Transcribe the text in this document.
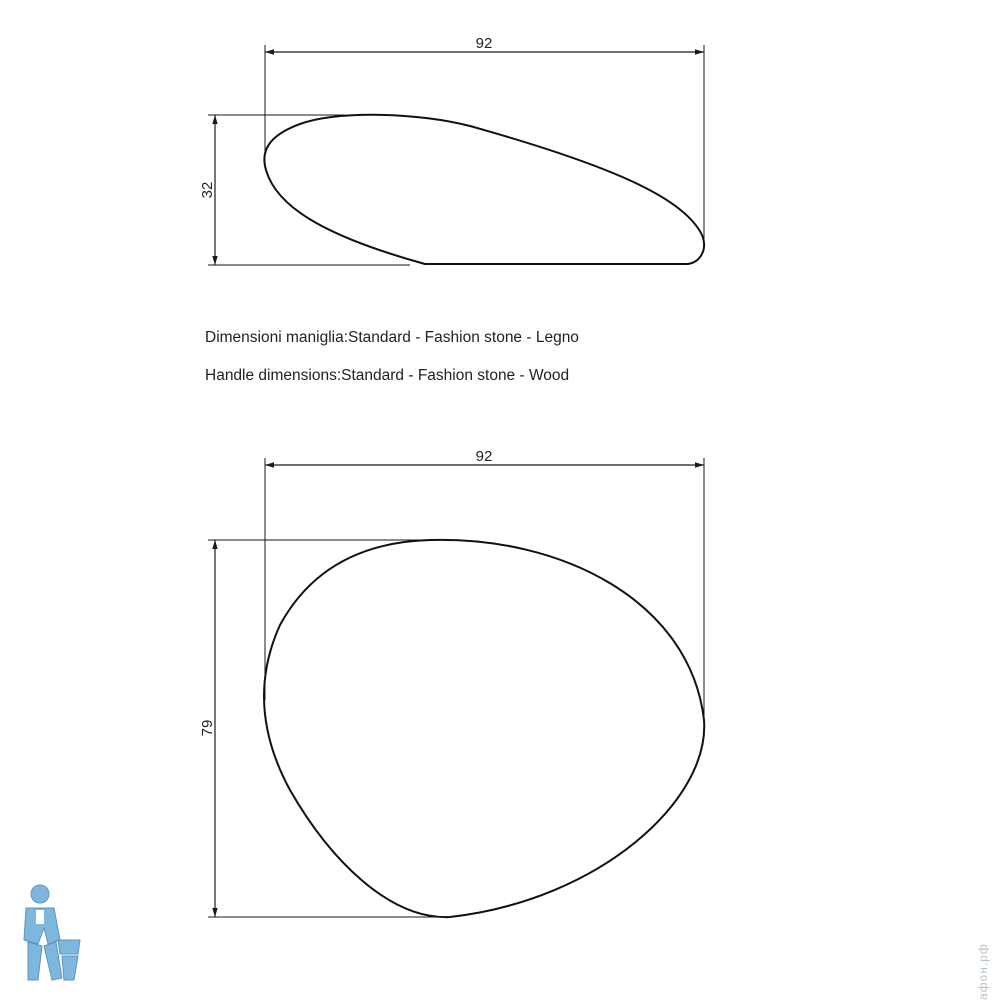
92
32
92
79
Dimensioni maniglia:Standard - Fashion stone - Legno
Handle dimensions:Standard - Fashion stone - Wood
афон.рф
